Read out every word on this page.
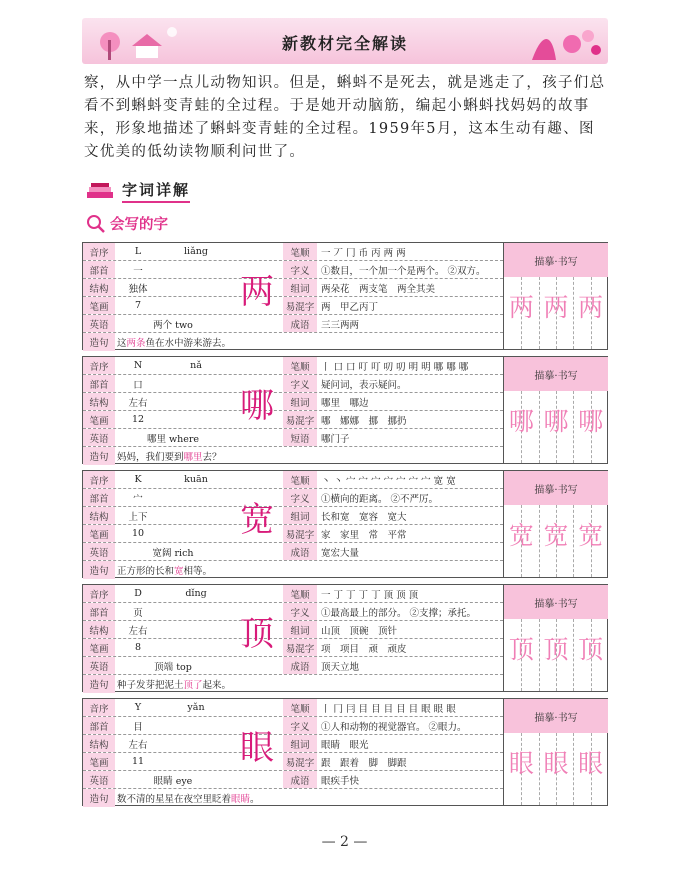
新教材完全解读
察，从中学一点儿动物知识。但是，蝌蚪不是死去，就是逃走了，孩子们总看不到蝌蚪变青蛙的全过程。于是她开动脑筋，编起小蝌蚪找妈妈的故事来，形象地描述了蝌蚪变青蛙的全过程。1959年5月，这本生动有趣、图文优美的低幼读物顺利问世了。
字词详解
会写的字
音序	L	liǎng	笔顺	一 丆 冂 币 丙 两 两
部首	一	字义	①数目，一个加一个是两个。 ②双方。
结构	独体	组词	两朵花　两支笔　两全其美
笔画	7	易混字 两　甲乙丙丁
英语	两个 two	成语	三三两两
两
造句 这 两条 鱼在水中游来游去。
描摹·书写
两 两 两
音序	N	nǎ	笔顺	丨 口 口 叮 叮 叨 叨 明 明 哪 哪 哪
部首	口	字义	疑问词，表示疑问。
结构	左右	组词	哪里　哪边
笔画	12	易混字 哪　娜娜　挪　挪扔
英语	哪里 where	短语	哪门子
哪
造句 妈妈，我们要到 哪里 去？
描摹·书写
哪 哪 哪
音序	K	kuān	笔顺	丶 丶 宀 宀 宀 宀 宀 宀 宀 宽 宽
部首	宀	字义	①横向的距离。 ②不严厉。
结构	上下	组词	长和宽　宽容　宽大
笔画	10	易混字 家　家里　常　平常
英语	宽阔 rich	成语	宽宏大量
宽
造句 正方形的长和 宽 相等。
描摹·书写
宽 宽 宽
音序	D	dǐng	笔顺	一 丁 丁 丁 丁 顶 顶 顶
部首	页	字义	①最高最上的部分。 ②支撑；承托。
结构	左右	组词	山顶　顶碗　顶针
笔画	8	易混字 项　项目　顽　顽皮
英语	顶端 top	成语	顶天立地
顶
造句 种子发芽把泥土 顶了 起来。
描摹·书写
顶 顶 顶
音序	Y	yǎn	笔顺	丨 冂 冃 目 目 目 目 目 眼 眼 眼
部首	目	字义	①人和动物的视觉器官。 ②眼力。
结构	左右	组词	眼睛　眼光
笔画	11	易混字 跟　跟着　脚　脚跟
英语	眼睛 eye	成语	眼疾手快
眼
造句 数不清的星星在夜空里眨着 眼睛 。
描摹·书写
眼 眼 眼
— 2 —
